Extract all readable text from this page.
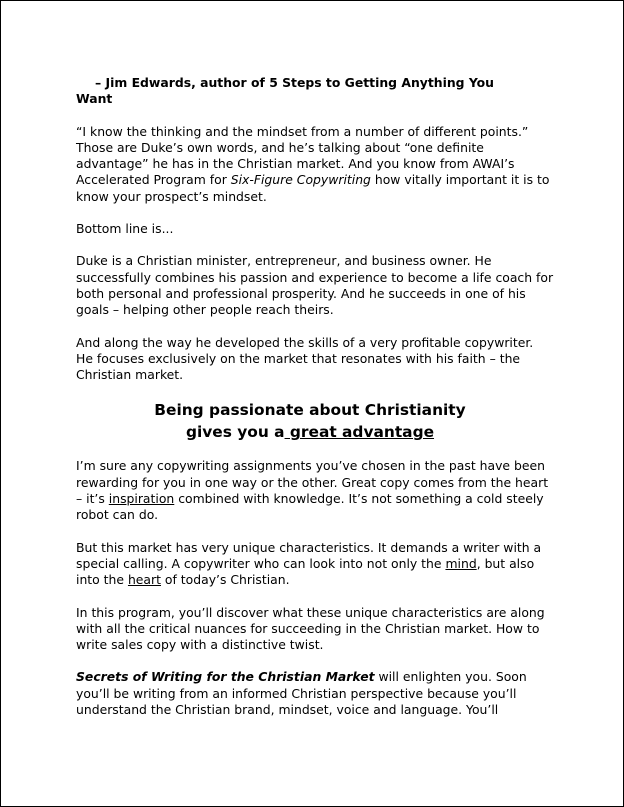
– Jim Edwards, author of 5 Steps to Getting Anything You
Want

“I know the thinking and the mindset from a number of different points.” Those are Duke’s own words, and he’s talking about “one definite advantage” he has in the Christian market. And you know from AWAI’s Accelerated Program for Six-Figure Copywriting how vitally important it is to know your prospect’s mindset.

Bottom line is...

Duke is a Christian minister, entrepreneur, and business owner. He successfully combines his passion and experience to become a life coach for both personal and professional prosperity. And he succeeds in one of his goals – helping other people reach theirs.

And along the way he developed the skills of a very profitable copywriter. He focuses exclusively on the market that resonates with his faith – the Christian market.

Being passionate about Christianity
gives you a great advantage

I’m sure any copywriting assignments you’ve chosen in the past have been rewarding for you in one way or the other. Great copy comes from the heart – it’s inspiration combined with knowledge. It’s not something a cold steely robot can do.

But this market has very unique characteristics. It demands a writer with a special calling. A copywriter who can look into not only the mind, but also into the heart of today’s Christian.

In this program, you’ll discover what these unique characteristics are along with all the critical nuances for succeeding in the Christian market. How to write sales copy with a distinctive twist.

Secrets of Writing for the Christian Market will enlighten you. Soon you’ll be writing from an informed Christian perspective because you’ll understand the Christian brand, mindset, voice and language. You’ll
